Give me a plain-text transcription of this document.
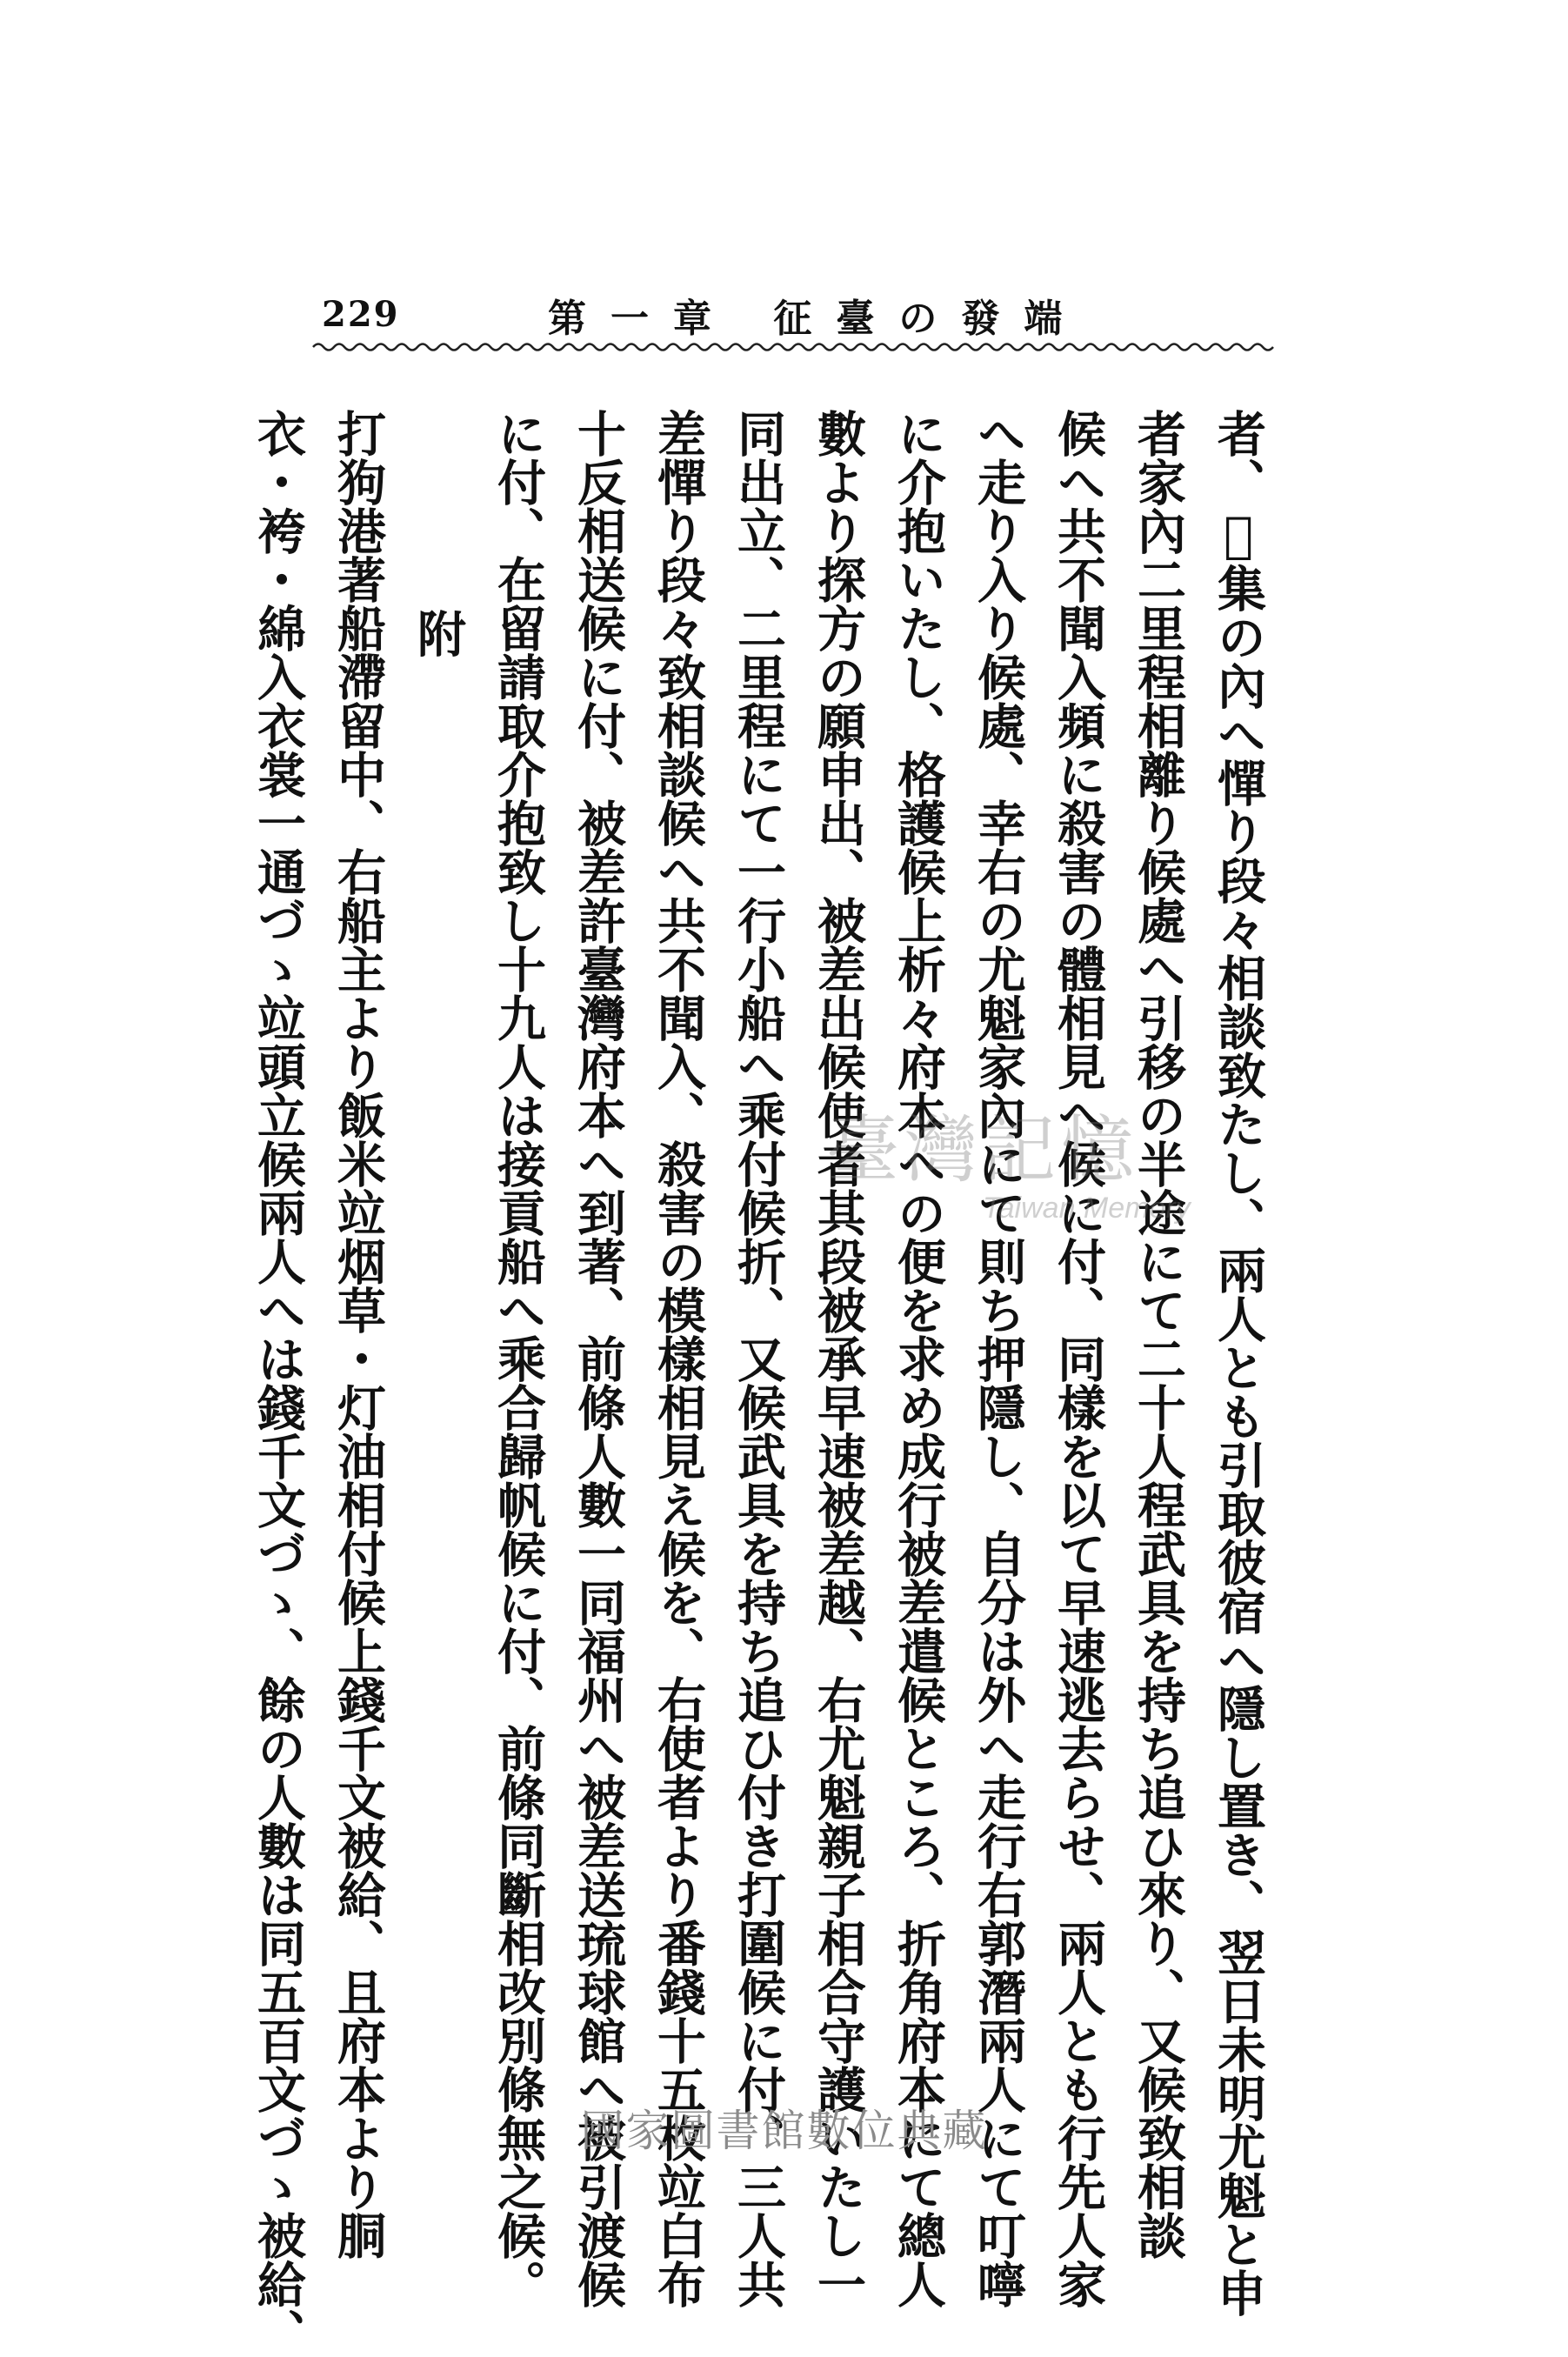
229	第一章 征臺の發端
者、𪟰集の內へ憚り段々相談致たし、兩人とも引取彼宿へ隱し置き、翌日未明尤魁と申
者家內二里程相離り候處へ引移の半途にて二十人程武具を持ち追ひ來り、又候致相談
候へ共不聞入頻に殺害の體相見へ候に付、同樣を以て早速逃去らせ、兩人とも行先人家
へ走り入り候處、幸右の尤魁家內にて則ち押隱し、自分は外へ走行右郭潛兩人にて叮嚀
に介抱いたし、格護候上析々府本への便を求め成行被差遣候ところ、折角府本にて總人
數より探方の願申出、被差出候使者其段被承早速被差越、右尤魁親子相合守護いたし一
同出立、二里程にて一行小船へ乘付候折、又候武具を持ち追ひ付き打圍候に付、三人共
差憚り段々致相談候へ共不聞入、殺害の模樣相見え候を、右使者より番錢十五枚竝白布
十反相送候に付、被差許臺灣府本へ到著、前條人數一同福州へ被差送琉球館へ被引渡候
に付、在留請取介抱致し十九人は接貢船へ乘合歸帆候に付、前條同斷相改別條無之候。
附
打狗港著船滯留中、右船主より飯米竝烟草・灯油相付候上錢千文被給、且府本より胴
衣・袴・綿入衣裳一通づゝ竝頭立候兩人へは錢千文づゝ、餘の人數は同五百文づゝ被給、	臺灣記憶
Taiwan Memory
國家圖書館數位典藏
